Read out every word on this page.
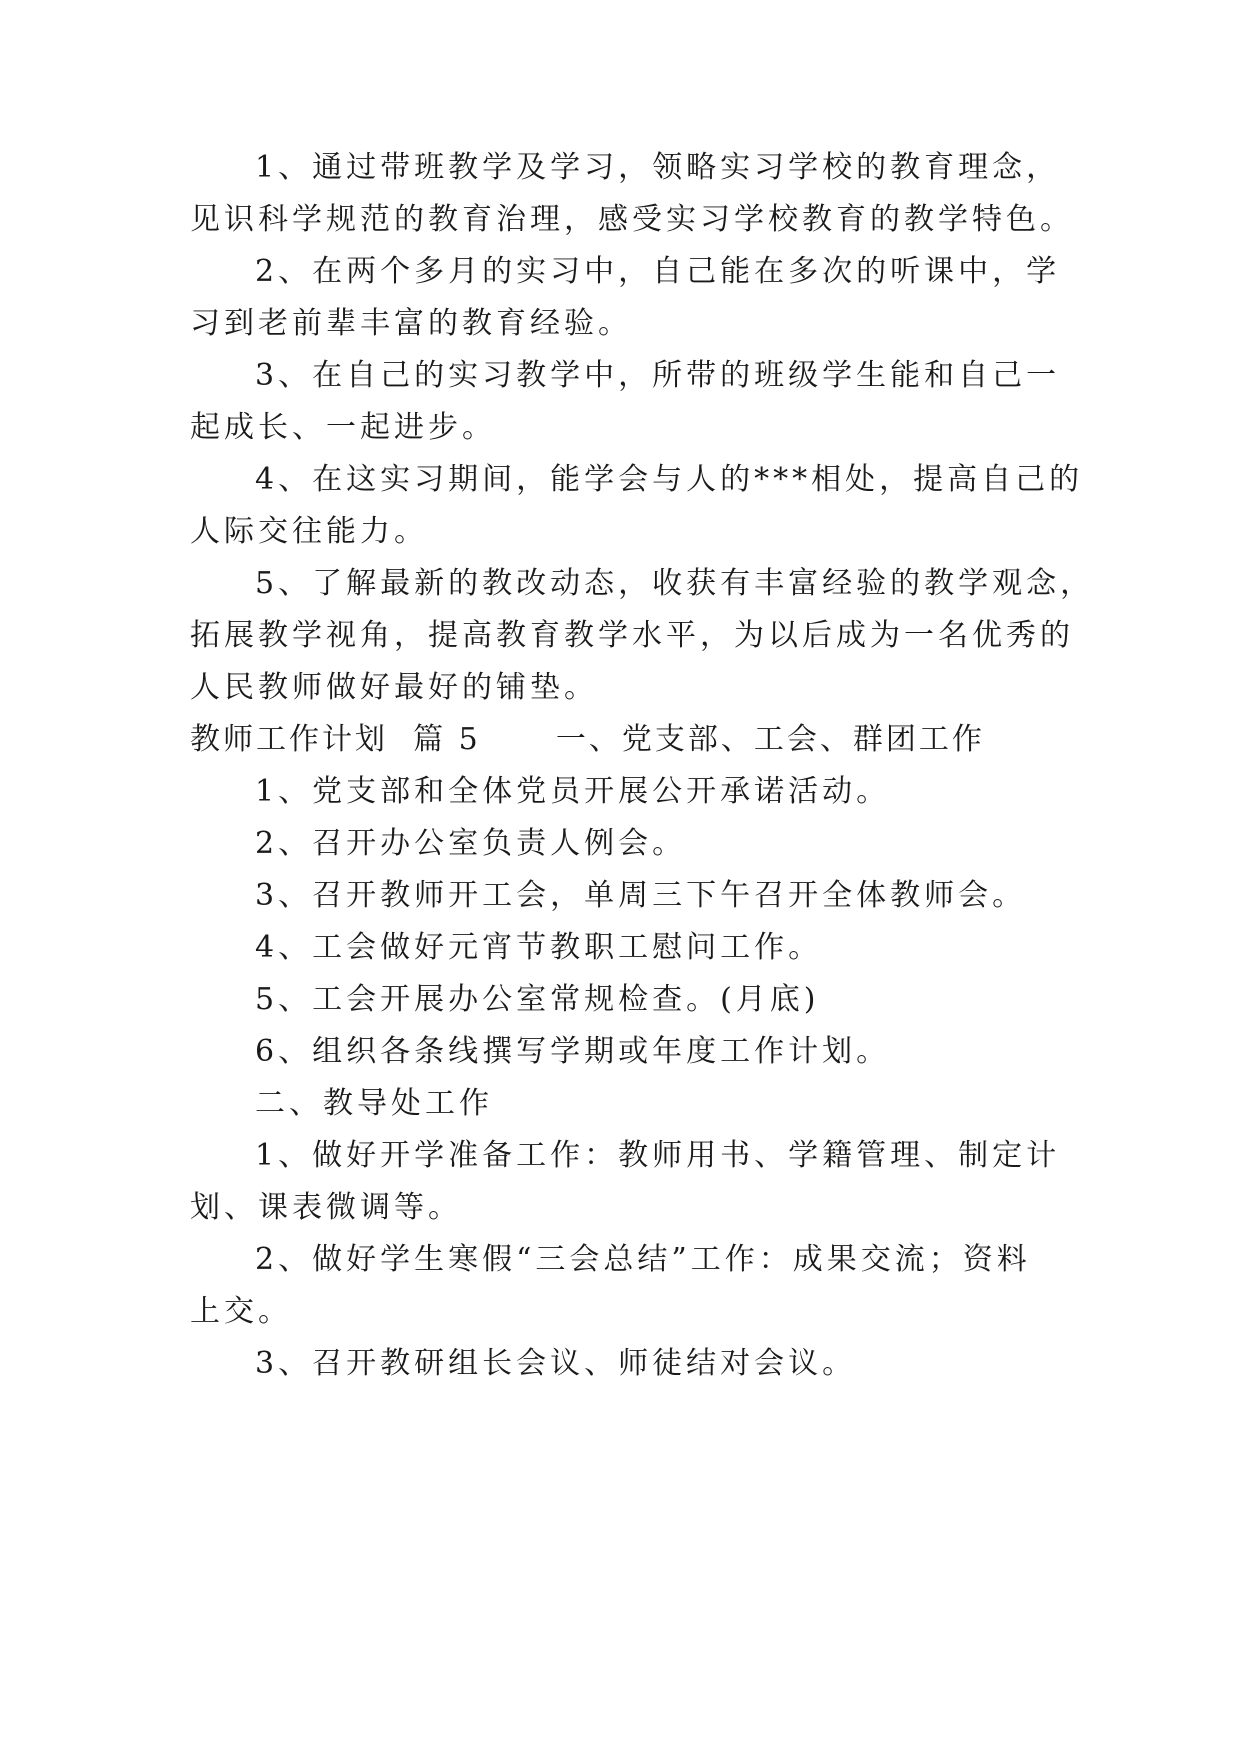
1、通过带班教学及学习，领略实习学校的教育理念，
见识科学规范的教育治理，感受实习学校教育的教学特色。
2、在两个多月的实习中，自己能在多次的听课中，学
习到老前辈丰富的教育经验。
3、在自己的实习教学中，所带的班级学生能和自己一
起成长、一起进步。
4、在这实习期间，能学会与人的***相处，提高自己的
人际交往能力。
5、了解最新的教改动态，收获有丰富经验的教学观念，
拓展教学视角，提高教育教学水平，为以后成为一名优秀的
人民教师做好最好的铺垫。
教师工作计划  篇 5      一、党支部、工会、群团工作
1、党支部和全体党员开展公开承诺活动。
2、召开办公室负责人例会。
3、召开教师开工会，单周三下午召开全体教师会。
4、工会做好元宵节教职工慰问工作。
5、工会开展办公室常规检查。(月底)
6、组织各条线撰写学期或年度工作计划。
二、教导处工作
1、做好开学准备工作：教师用书、学籍管理、制定计
划、课表微调等。
2、做好学生寒假“三会总结”工作：成果交流；资料
上交。
3、召开教研组长会议、师徒结对会议。
